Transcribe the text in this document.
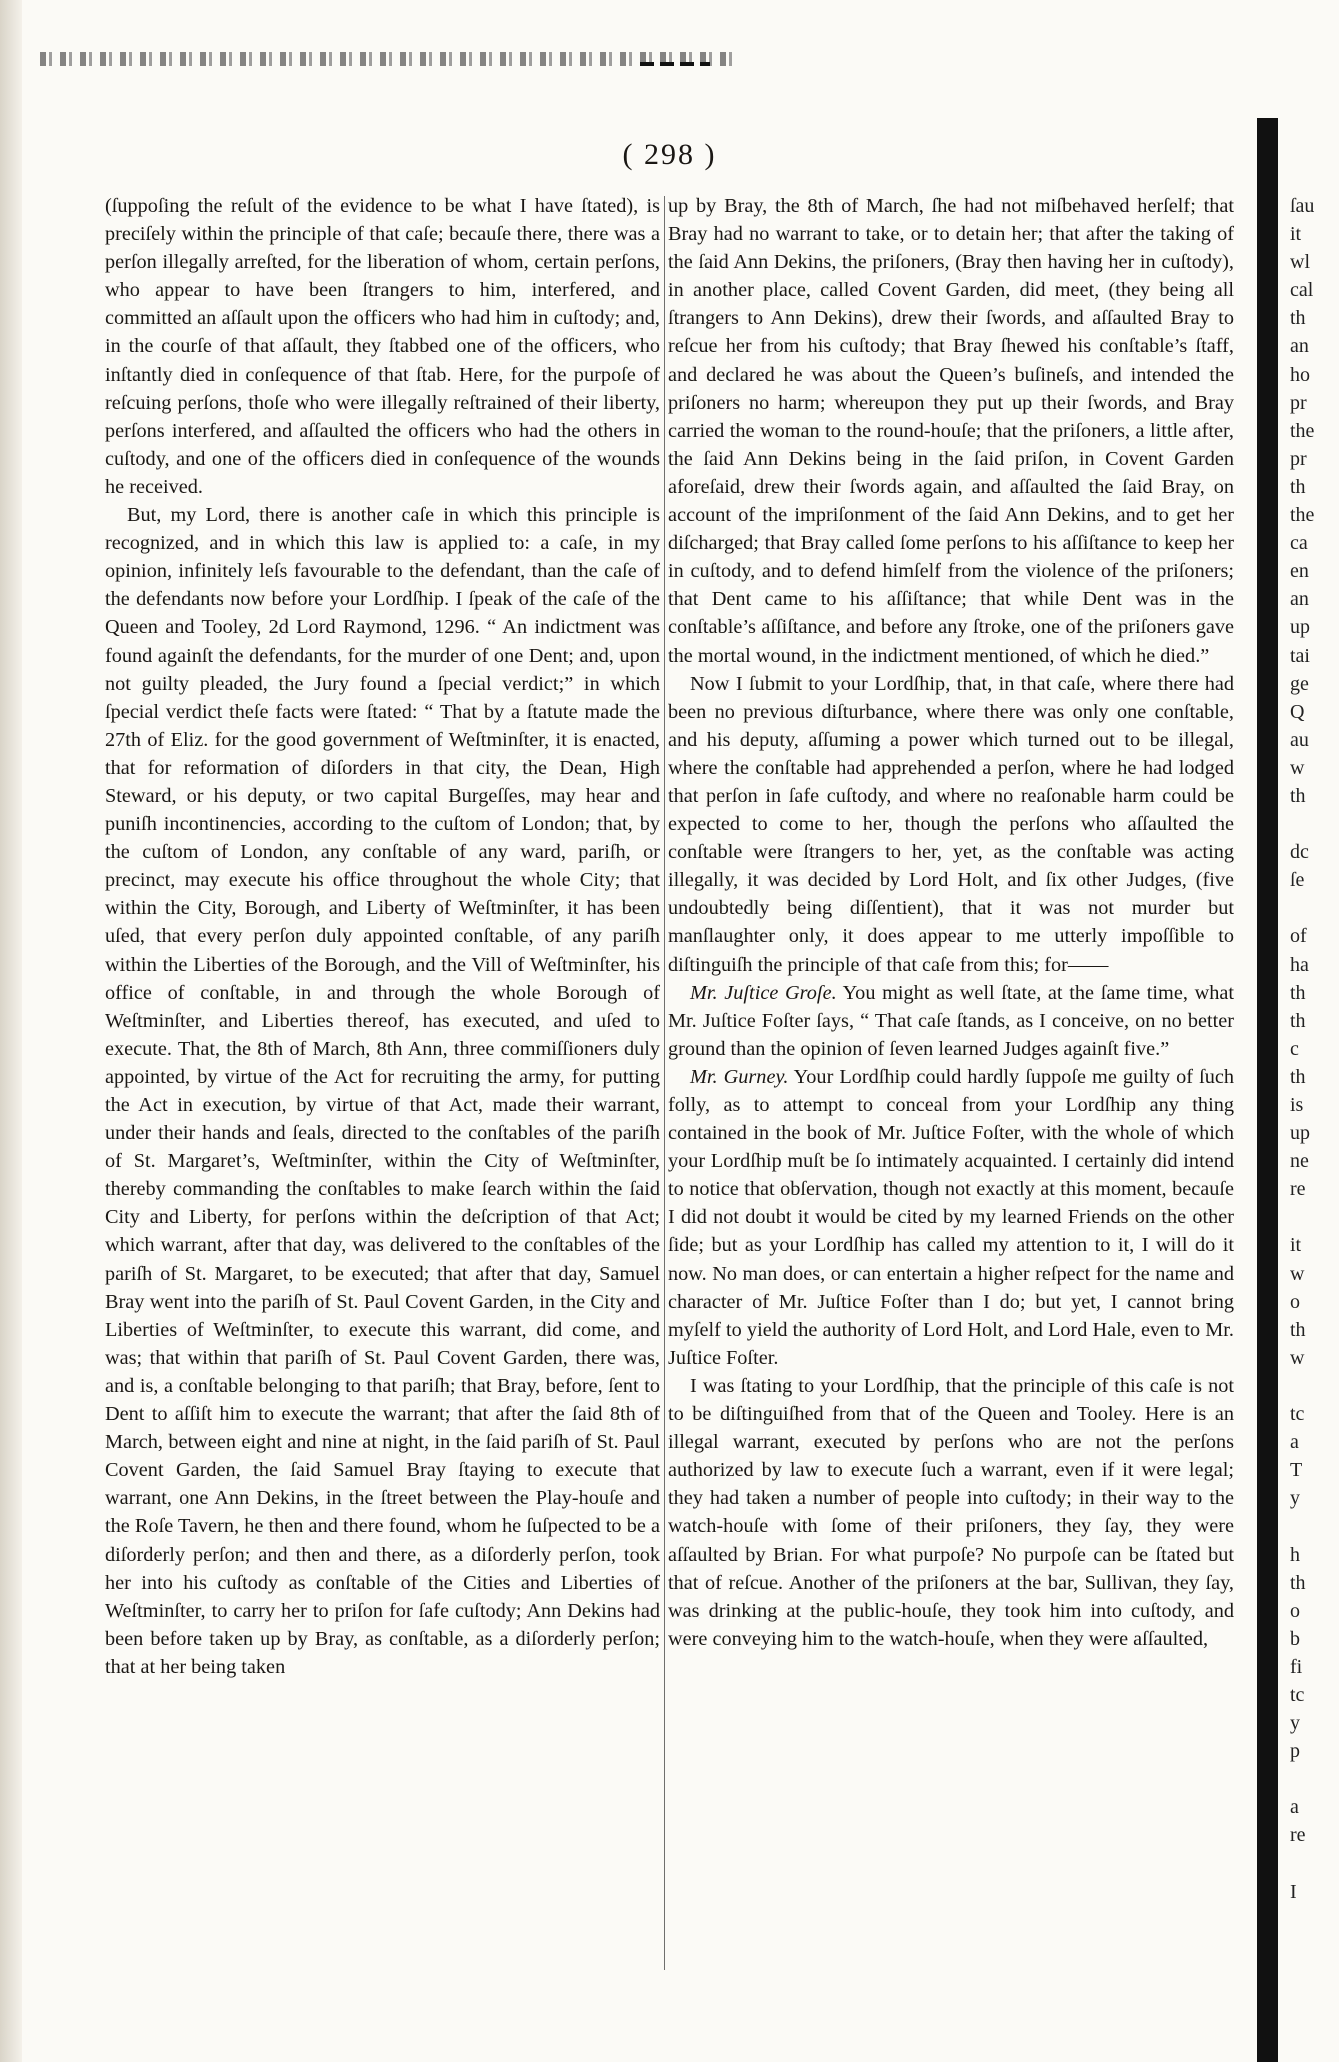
( 298 )

(ſuppoſing the reſult of the evidence to be what I have ſtated), is preciſely within the principle of that caſe; becauſe there, there was a perſon illegally arreſted, for the liberation of whom, certain perſons, who appear to have been ſtrangers to him, interfered, and committed an aſſault upon the officers who had him in cuſtody; and, in the courſe of that aſſault, they ſtabbed one of the officers, who inſtantly died in conſequence of that ſtab. Here, for the purpoſe of reſcuing perſons, thoſe who were illegally reſtrained of their liberty, perſons interfered, and aſſaulted the officers who had the others in cuſtody, and one of the officers died in conſequence of the wounds he received.

But, my Lord, there is another caſe in which this principle is recognized, and in which this law is applied to: a caſe, in my opinion, infinitely leſs favourable to the defendant, than the caſe of the defendants now before your Lordſhip. I ſpeak of the caſe of the Queen and Tooley, 2d Lord Raymond, 1296. “ An indictment was found againſt the defendants, for the murder of one Dent; and, upon not guilty pleaded, the Jury found a ſpecial verdict;” in which ſpecial verdict theſe facts were ſtated: “ That by a ſtatute made the 27th of Eliz. for the good government of Weſtminſter, it is enacted, that for reformation of diſorders in that city, the Dean, High Steward, or his deputy, or two capital Burgeſſes, may hear and puniſh incontinencies, according to the cuſtom of London; that, by the cuſtom of London, any conſtable of any ward, pariſh, or precinct, may execute his office throughout the whole City; that within the City, Borough, and Liberty of Weſtminſter, it has been uſed, that every perſon duly appointed conſtable, of any pariſh within the Liberties of the Borough, and the Vill of Weſtminſter, his office of conſtable, in and through the whole Borough of Weſtminſter, and Liberties thereof, has executed, and uſed to execute. That, the 8th of March, 8th Ann, three commiſſioners duly appointed, by virtue of the Act for recruiting the army, for putting the Act in execution, by virtue of that Act, made their warrant, under their hands and ſeals, directed to the conſtables of the pariſh of St. Margaret’s, Weſtminſter, within the City of Weſtminſter, thereby commanding the conſtables to make ſearch within the ſaid City and Liberty, for perſons within the deſcription of that Act; which warrant, after that day, was delivered to the conſtables of the pariſh of St. Margaret, to be executed; that after that day, Samuel Bray went into the pariſh of St. Paul Covent Garden, in the City and Liberties of Weſtminſter, to execute this warrant, did come, and was; that within that pariſh of St. Paul Covent Garden, there was, and is, a conſtable belonging to that pariſh; that Bray, before, ſent to Dent to aſſiſt him to execute the warrant; that after the ſaid 8th of March, between eight and nine at night, in the ſaid pariſh of St. Paul Covent Garden, the ſaid Samuel Bray ſtaying to execute that warrant, one Ann Dekins, in the ſtreet between the Play-houſe and the Roſe Tavern, he then and there found, whom he ſuſpected to be a diſorderly perſon; and then and there, as a diſorderly perſon, took her into his cuſtody as conſtable of the Cities and Liberties of Weſtminſter, to carry her to priſon for ſafe cuſtody; Ann Dekins had been before taken up by Bray, as conſtable, as a diſorderly perſon; that at her being taken

up by Bray, the 8th of March, ſhe had not miſbehaved herſelf; that Bray had no warrant to take, or to detain her; that after the taking of the ſaid Ann Dekins, the priſoners, (Bray then having her in cuſtody), in another place, called Covent Garden, did meet, (they being all ſtrangers to Ann Dekins), drew their ſwords, and aſſaulted Bray to reſcue her from his cuſtody; that Bray ſhewed his conſtable’s ſtaff, and declared he was about the Queen’s buſineſs, and intended the priſoners no harm; whereupon they put up their ſwords, and Bray carried the woman to the round-houſe; that the priſoners, a little after, the ſaid Ann Dekins being in the ſaid priſon, in Covent Garden aforeſaid, drew their ſwords again, and aſſaulted the ſaid Bray, on account of the impriſonment of the ſaid Ann Dekins, and to get her diſcharged; that Bray called ſome perſons to his aſſiſtance to keep her in cuſtody, and to defend himſelf from the violence of the priſoners; that Dent came to his aſſiſtance; that while Dent was in the conſtable’s aſſiſtance, and before any ſtroke, one of the priſoners gave the mortal wound, in the indictment mentioned, of which he died.”

Now I ſubmit to your Lordſhip, that, in that caſe, where there had been no previous diſturbance, where there was only one conſtable, and his deputy, aſſuming a power which turned out to be illegal, where the conſtable had apprehended a perſon, where he had lodged that perſon in ſafe cuſtody, and where no reaſonable harm could be expected to come to her, though the perſons who aſſaulted the conſtable were ſtrangers to her, yet, as the conſtable was acting illegally, it was decided by Lord Holt, and ſix other Judges, (five undoubtedly being diſſentient), that it was not murder but manſlaughter only, it does appear to me utterly impoſſible to diſtinguiſh the principle of that caſe from this; for——

Mr. Juſtice Groſe. You might as well ſtate, at the ſame time, what Mr. Juſtice Foſter ſays, “ That caſe ſtands, as I conceive, on no better ground than the opinion of ſeven learned Judges againſt five.”

Mr. Gurney. Your Lordſhip could hardly ſuppoſe me guilty of ſuch folly, as to attempt to conceal from your Lordſhip any thing contained in the book of Mr. Juſtice Foſter, with the whole of which your Lordſhip muſt be ſo intimately acquainted. I certainly did intend to notice that obſervation, though not exactly at this moment, becauſe I did not doubt it would be cited by my learned Friends on the other ſide; but as your Lordſhip has called my attention to it, I will do it now. No man does, or can entertain a higher reſpect for the name and character of Mr. Juſtice Foſter than I do; but yet, I cannot bring myſelf to yield the authority of Lord Holt, and Lord Hale, even to Mr. Juſtice Foſter.

I was ſtating to your Lordſhip, that the principle of this caſe is not to be diſtinguiſhed from that of the Queen and Tooley. Here is an illegal warrant, executed by perſons who are not the perſons authorized by law to execute ſuch a warrant, even if it were legal; they had taken a number of people into cuſtody; in their way to the watch-houſe with ſome of their priſoners, they ſay, they were aſſaulted by Brian. For what purpoſe? No purpoſe can be ſtated but that of reſcue. Another of the priſoners at the bar, Sullivan, they ſay, was drinking at the public-houſe, they took him into cuſtody, and were conveying him to the watch-houſe, when they were aſſaulted,

ſau
it
wl
cal
th
an
ho
pr
the
pr
th
the
ca
en
an
up
tai
ge
Q
au
w
th
dc
ſe
of
ha
th
th
c
th
is
up
ne
re
it
w
o
th
w
tc
a
T
y
h
th
o
b
fi
tc
y
p
a
re
I
